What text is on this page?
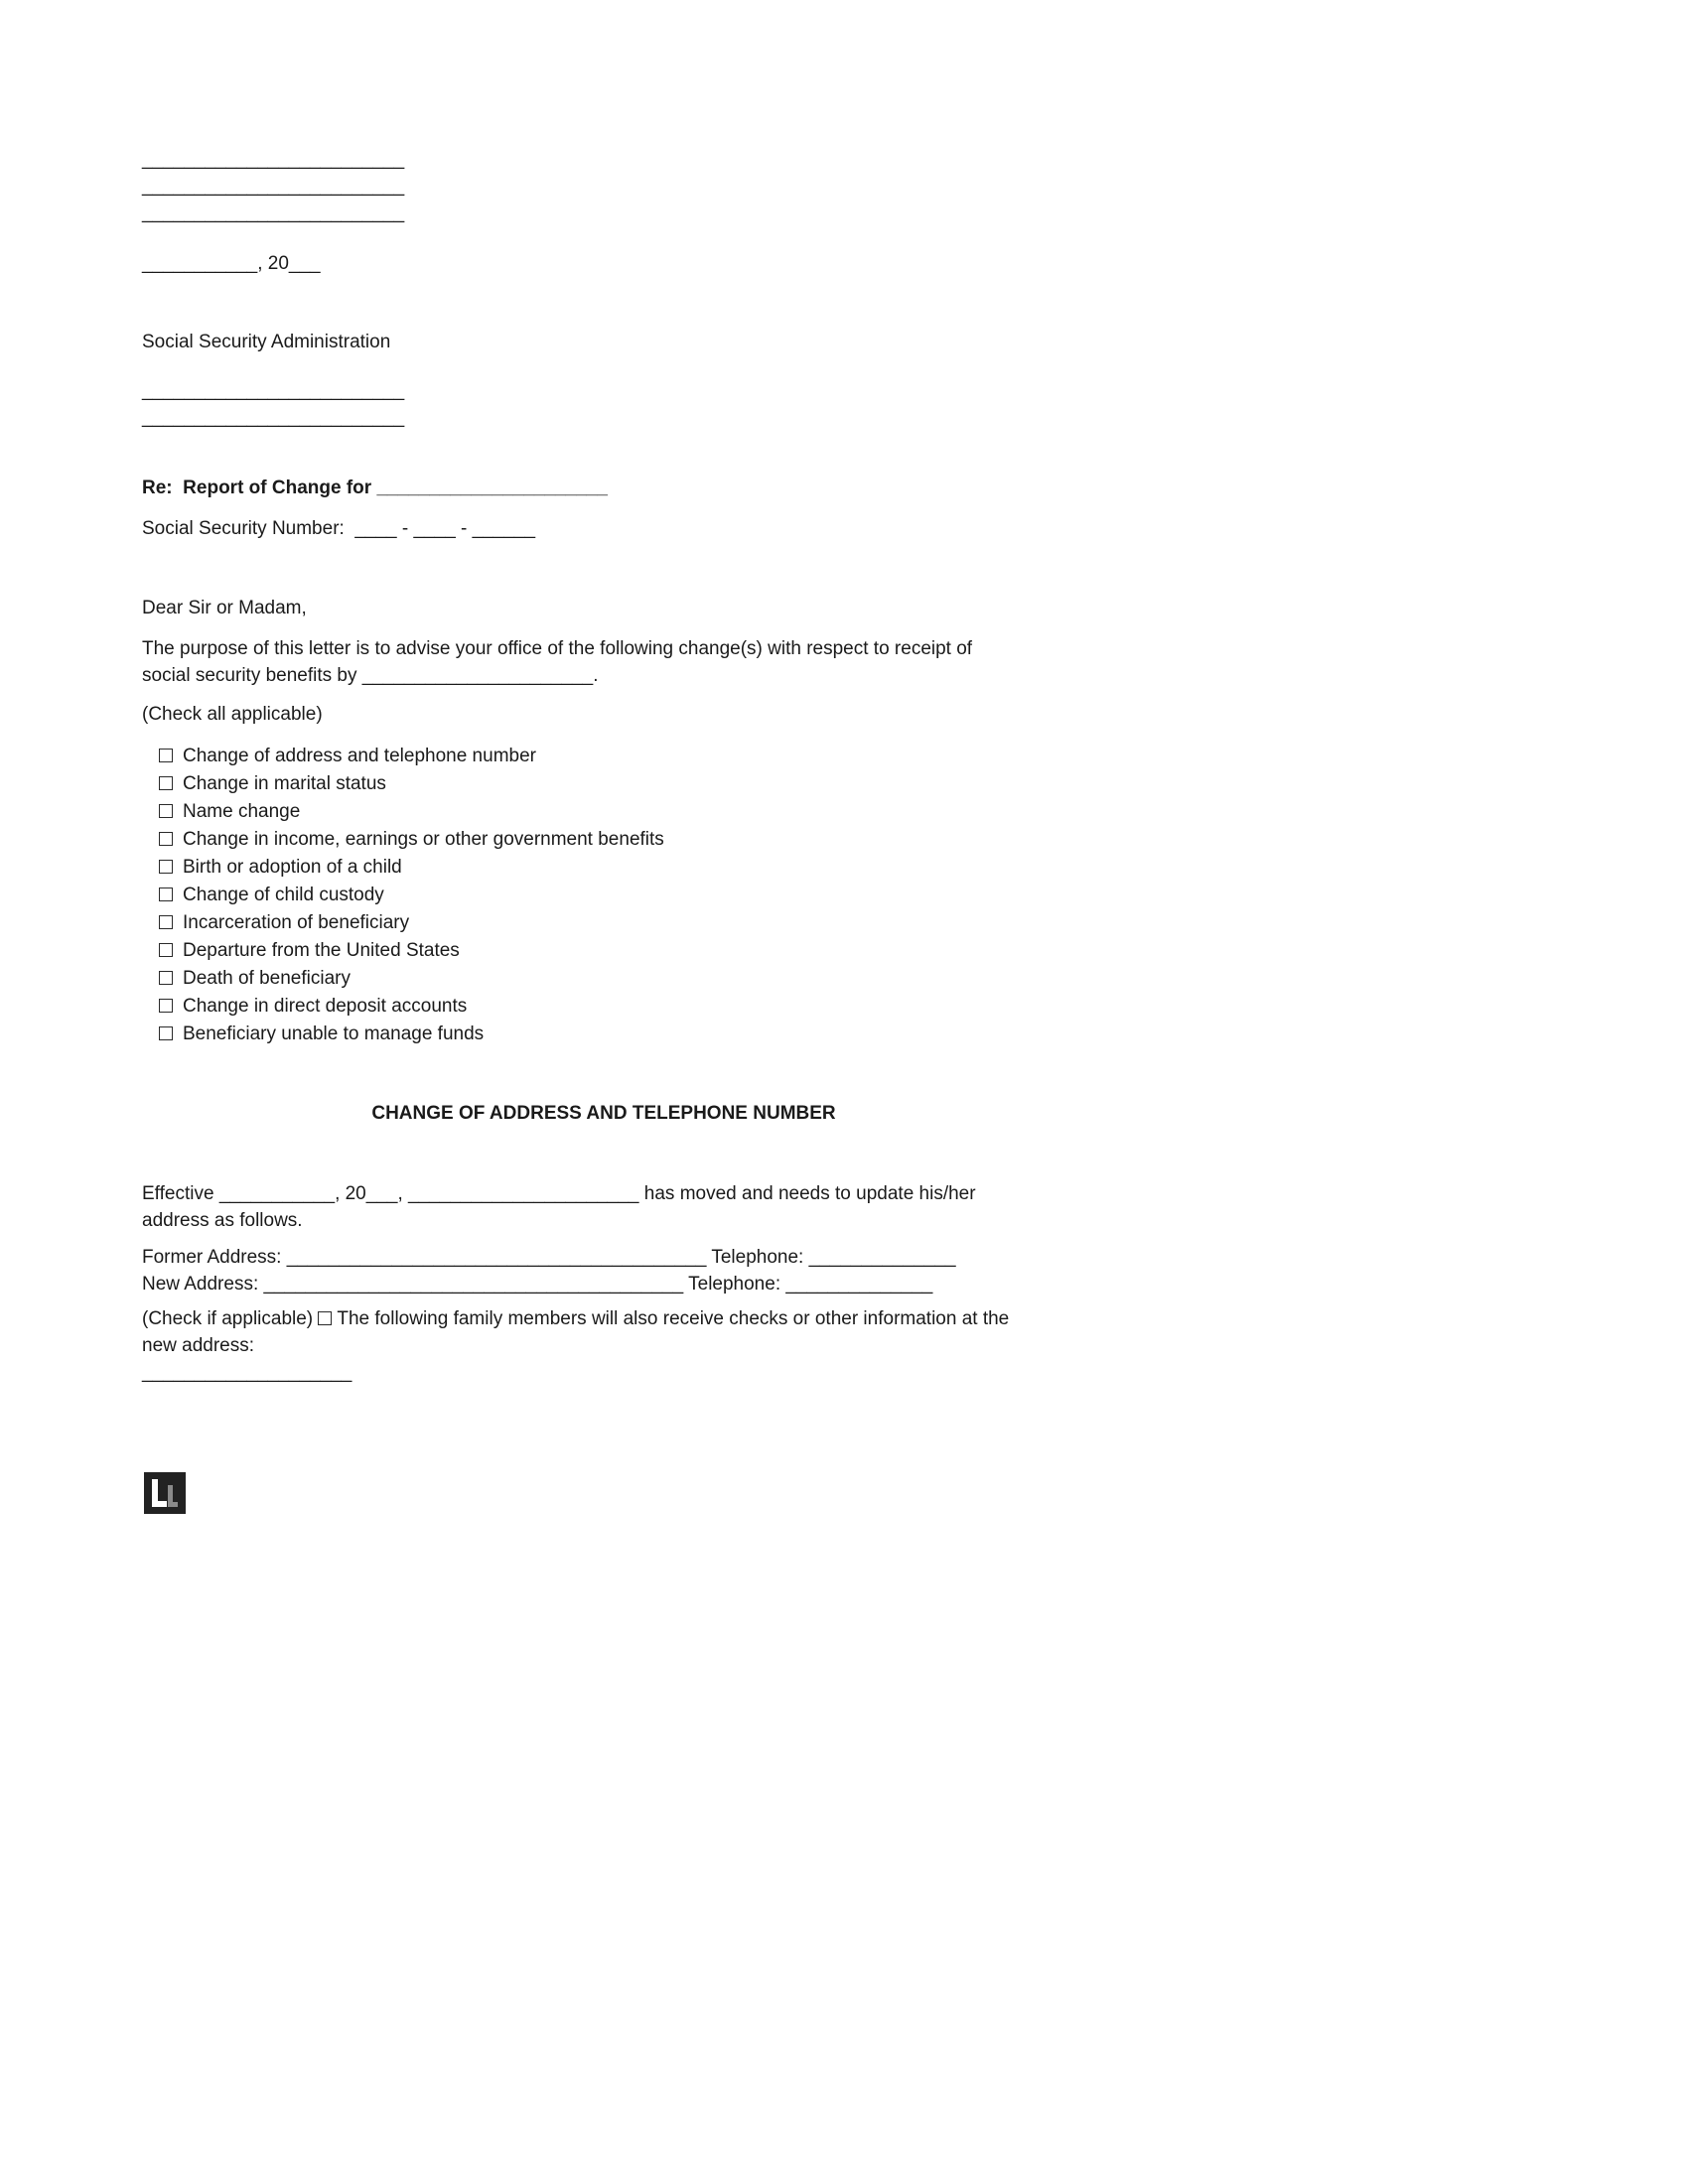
_________________________
_________________________
_________________________
___________, 20___
Social Security Administration
_________________________
_________________________

Re:  Report of Change for ______________________

Social Security Number:  ____ - ____ - ______

Dear Sir or Madam,

The purpose of this letter is to advise your office of the following change(s) with respect to receipt of social security benefits by ______________________.

(Check all applicable)

Change of address and telephone number
Change in marital status
Name change
Change in income, earnings or other government benefits
Birth or adoption of a child
Change of child custody
Incarceration of beneficiary
Departure from the United States
Death of beneficiary
Change in direct deposit accounts
Beneficiary unable to manage funds

CHANGE OF ADDRESS AND TELEPHONE NUMBER

Effective ___________, 20___, ______________________ has moved and needs to update his/her address as follows.

Former Address: ________________________________________ Telephone: ______________

New Address: ________________________________________ Telephone: ______________

(Check if applicable)  The following family members will also receive checks or other information at the new address:

____________________
